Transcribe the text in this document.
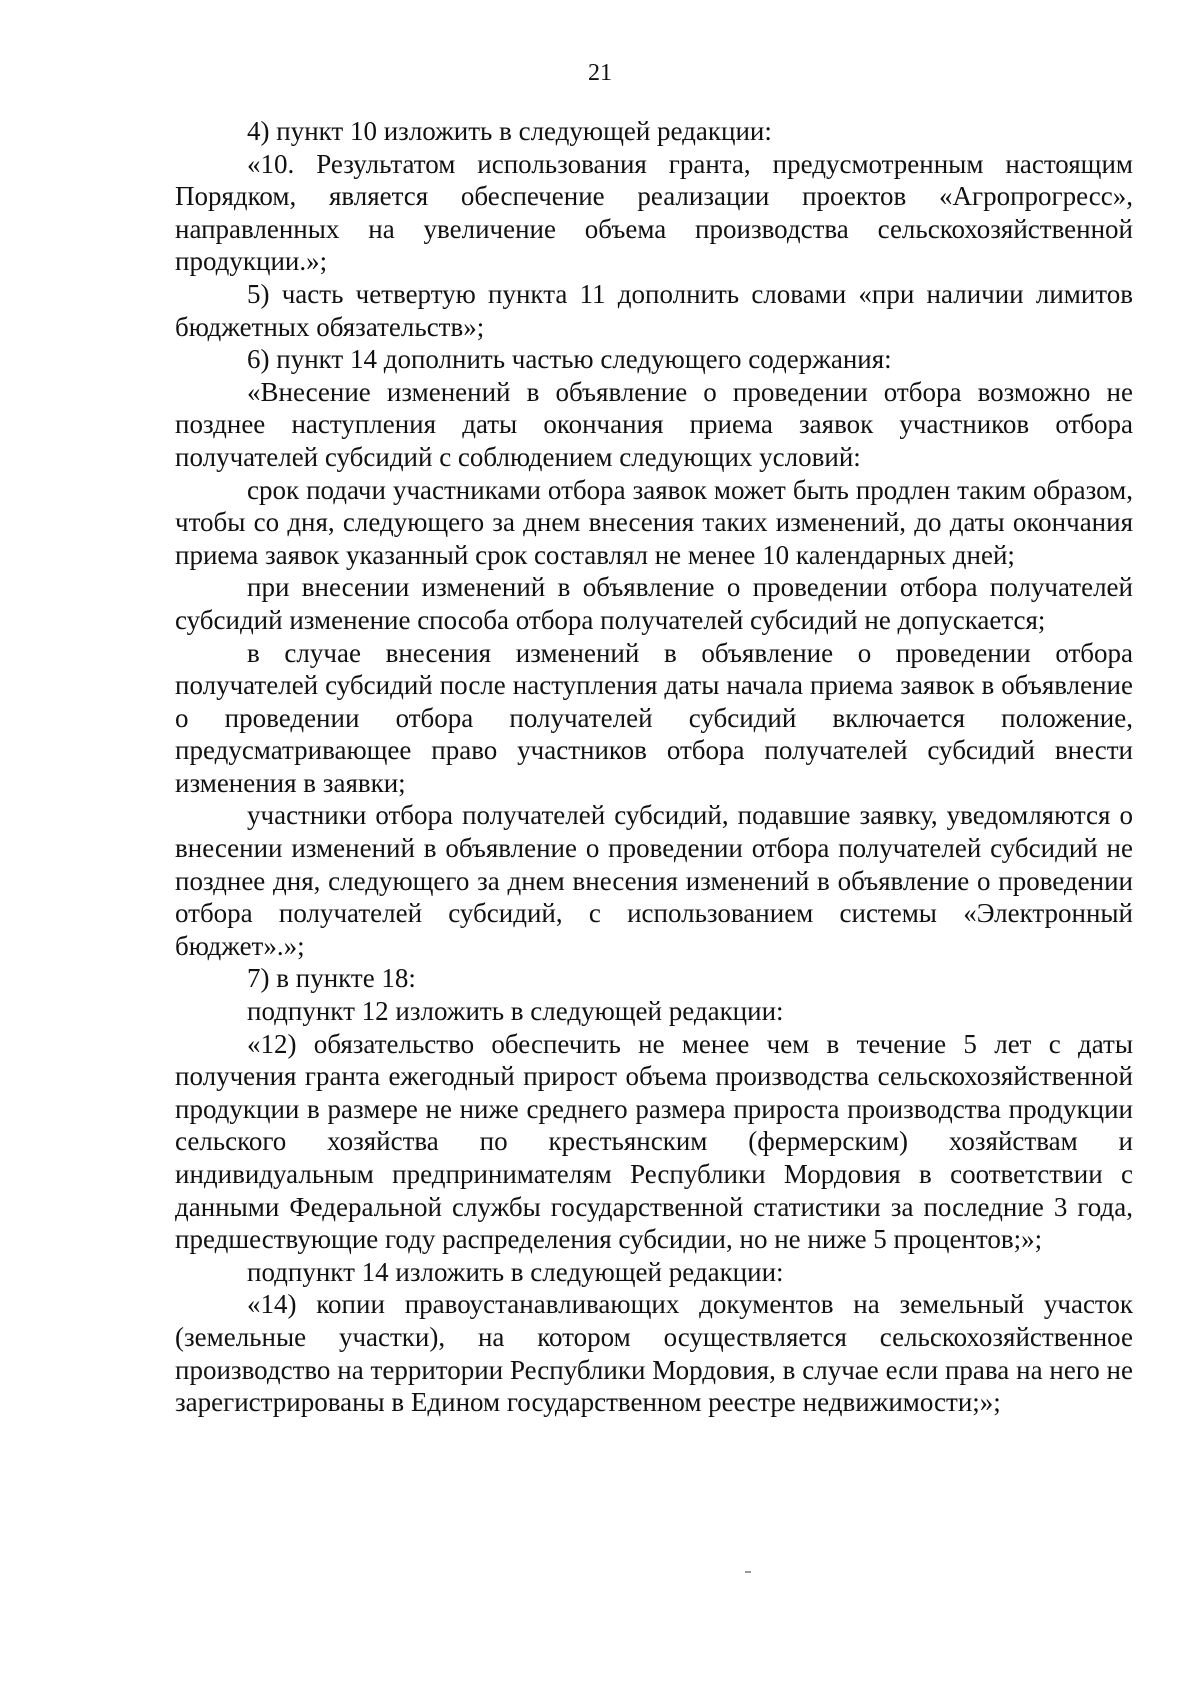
21

4) пункт 10 изложить в следующей редакции:

«10. Результатом использования гранта, предусмотренным настоящим Порядком, является обеспечение реализации проектов «Агропрогресс», направленных на увеличение объема производства сельскохозяйственной продукции.»;

5) часть четвертую пункта 11 дополнить словами «при наличии лимитов бюджетных обязательств»;

6) пункт 14 дополнить частью следующего содержания:

«Внесение изменений в объявление о проведении отбора возможно не позднее наступления даты окончания приема заявок участников отбора получателей субсидий с соблюдением следующих условий:

срок подачи участниками отбора заявок может быть продлен таким образом, чтобы со дня, следующего за днем внесения таких изменений, до даты окончания приема заявок указанный срок составлял не менее 10 календарных дней;

при внесении изменений в объявление о проведении отбора получателей субсидий изменение способа отбора получателей субсидий не допускается;

в случае внесения изменений в объявление о проведении отбора получателей субсидий после наступления даты начала приема заявок в объявление о проведении отбора получателей субсидий включается положение, предусматривающее право участников отбора получателей субсидий внести изменения в заявки;

участники отбора получателей субсидий, подавшие заявку, уведомляются о внесении изменений в объявление о проведении отбора получателей субсидий не позднее дня, следующего за днем внесения изменений в объявление о проведении отбора получателей субсидий, с использованием системы «Электронный бюджет».»;

7) в пункте 18:

подпункт 12 изложить в следующей редакции:

«12) обязательство обеспечить не менее чем в течение 5 лет с даты получения гранта ежегодный прирост объема производства сельскохозяйственной продукции в размере не ниже среднего размера прироста производства продукции сельского хозяйства по крестьянским (фермерским) хозяйствам и индивидуальным предпринимателям Республики Мордовия в соответствии с данными Федеральной службы государственной статистики за последние 3 года, предшествующие году распределения субсидии, но не ниже 5 процентов;»;

подпункт 14 изложить в следующей редакции:

«14) копии правоустанавливающих документов на земельный участок (земельные участки), на котором осуществляется сельскохозяйственное производство на территории Республики Мордовия, в случае если права на него не зарегистрированы в Едином государственном реестре недвижимости;»;
